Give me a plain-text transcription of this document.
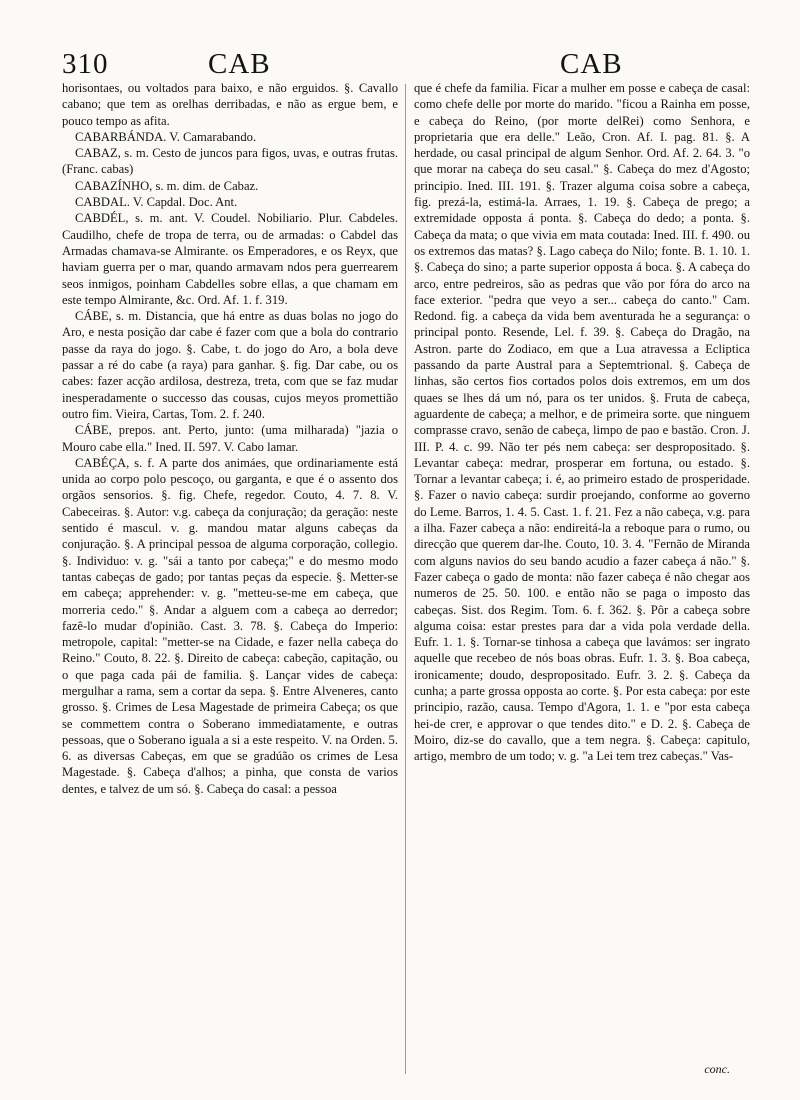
310	CAB	CAB

horisontaes, ou voltados para baixo, e não erguidos. §. Cavallo cabano; que tem as orelhas derribadas, e não as ergue bem, e pouco tempo as afita.

CABARBÁNDA. V. Camarabando.

CABAZ, s. m. Cesto de juncos para figos, uvas, e outras frutas. (Franc. cabas)

CABAZÍNHO, s. m. dim. de Cabaz.

CABDAL. V. Capdal. Doc. Ant.

CABDÉL, s. m. ant. V. Coudel. Nobiliario. Plur. Cabdeles. Caudilho, chefe de tropa de terra, ou de armadas: o Cabdel das Armadas chamava-se Almirante. os Emperadores, e os Reyx, que haviam guerra per o mar, quando armavam ndos pera guerrearem seos inmigos, poinham Cabdelles sobre ellas, a que chamam em este tempo Almirante, &c. Ord. Af. 1. f. 319.

CÁBE, s. m. Distancia, que há entre as duas bolas no jogo do Aro, e nesta posição dar cabe é fazer com que a bola do contrario passe da raya do jogo. §. Cabe, t. do jogo do Aro, a bola deve passar a ré do cabe (a raya) para ganhar. §. fig. Dar cabe, ou os cabes: fazer acção ardilosa, destreza, treta, com que se faz mudar inesperadamente o successo das cousas, cujos meyos promettião outro fim. Vieira, Cartas, Tom. 2. f. 240.

CÁBE, prepos. ant. Perto, junto: (uma milharada) "jazia o Mouro cabe ella." Ined. II. 597. V. Cabo lamar.

CABÉÇA, s. f. A parte dos animáes, que ordinariamente está unida ao corpo polo pescoço, ou garganta, e que é o assento dos orgãos sensorios. §. fig. Chefe, regedor. Couto, 4. 7. 8. V. Cabeceiras. §. Autor: v.g. cabeça da conjuração; da geração: neste sentido é mascul. v. g. mandou matar alguns cabeças da conjuração. §. A principal pessoa de alguma corporação, collegio. §. Individuo: v. g. "sái a tanto por cabeça;" e do mesmo modo tantas cabeças de gado; por tantas peças da especie. §. Metter-se em cabeça; apprehender: v. g. "metteu-se-me em cabeça, que morreria cedo." §. Andar a alguem com a cabeça ao derredor; fazê-lo mudar d'opinião. Cast. 3. 78. §. Cabeça do Imperio: metropole, capital: "metter-se na Cidade, e fazer nella cabeça do Reino." Couto, 8. 22. §. Direito de cabeça: cabeção, capitação, ou o que paga cada pái de familia. §. Lançar vides de cabeça: mergulhar a rama, sem a cortar da sepa. §. Entre Alveneres, canto grosso. §. Crimes de Lesa Magestade de primeira Cabeça; os que se commettem contra o Soberano immediatamente, e outras pessoas, que o Soberano iguala a si a este respeito. V. na Orden. 5. 6. as diversas Cabeças, em que se gradúão os crimes de Lesa Magestade. §. Cabeça d'alhos; a pinha, que consta de varios dentes, e talvez de um só. §. Cabeça do casal: a pessoa

que é chefe da familia. Ficar a mulher em posse e cabeça de casal: como chefe delle por morte do marido. "ficou a Rainha em posse, e cabeça do Reino, (por morte delRei) como Senhora, e proprietaria que era delle." Leão, Cron. Af. I. pag. 81. §. A herdade, ou casal principal de algum Senhor. Ord. Af. 2. 64. 3. "o que morar na cabeça do seu casal." §. Cabeça do mez d'Agosto; principio. Ined. III. 191. §. Trazer alguma coisa sobre a cabeça, fig. prezá-la, estimá-la. Arraes, 1. 19. §. Cabeça de prego; a extremidade opposta á ponta. §. Cabeça do dedo; a ponta. §. Cabeça da mata; o que vivia em mata coutada: Ined. III. f. 490. ou os extremos das matas? §. Lago cabeça do Nilo; fonte. B. 1. 10. 1. §. Cabeça do sino; a parte superior opposta á boca. §. A cabeça do arco, entre pedreiros, são as pedras que vão por fóra do arco na face exterior. "pedra que veyo a ser... cabeça do canto." Cam. Redond. fig. a cabeça da vida bem aventurada he a segurança: o principal ponto. Resende, Lel. f. 39. §. Cabeça do Dragão, na Astron. parte do Zodiaco, em que a Lua atravessa a Ecliptica passando da parte Austral para a Septemtrional. §. Cabeça de linhas, são certos fios cortados polos dois extremos, em um dos quaes se lhes dá um nó, para os ter unidos. §. Fruta de cabeça, aguardente de cabeça; a melhor, e de primeira sorte. que ninguem comprasse cravo, senão de cabeça, limpo de pao e bastão. Cron. J. III. P. 4. c. 99. Não ter pés nem cabeça: ser despropositado. §. Levantar cabeça: medrar, prosperar em fortuna, ou estado. §. Tornar a levantar cabeça; i. é, ao primeiro estado de prosperidade. §. Fazer o navio cabeça: surdir proejando, conforme ao governo do Leme. Barros, 1. 4. 5. Cast. 1. f. 21. Fez a não cabeça, v.g. para a ilha. Fazer cabeça a não: endireitá-la a reboque para o rumo, ou direcção que querem dar-lhe. Couto, 10. 3. 4. "Fernão de Miranda com alguns navios do seu bando acudio a fazer cabeça á não." §. Fazer cabeça o gado de monta: não fazer cabeça é não chegar aos numeros de 25. 50. 100. e então não se paga o imposto das cabeças. Sist. dos Regim. Tom. 6. f. 362. §. Pôr a cabeça sobre alguma coisa: estar prestes para dar a vida pola verdade della. Eufr. 1. 1. §. Tornar-se tinhosa a cabeça que lavámos: ser ingrato aquelle que recebeo de nós boas obras. Eufr. 1. 3. §. Boa cabeça, ironicamente; doudo, despropositado. Eufr. 3. 2. §. Cabeça da cunha; a parte grossa opposta ao corte. §. Por esta cabeça: por este principio, razão, causa. Tempo d'Agora, 1. 1. e "por esta cabeça hei-de crer, e approvar o que tendes dito." e D. 2. §. Cabeça de Moiro, diz-se do cavallo, que a tem negra. §. Cabeça: capitulo, artigo, membro de um todo; v. g. "a Lei tem trez cabeças." Vas-

conc.
